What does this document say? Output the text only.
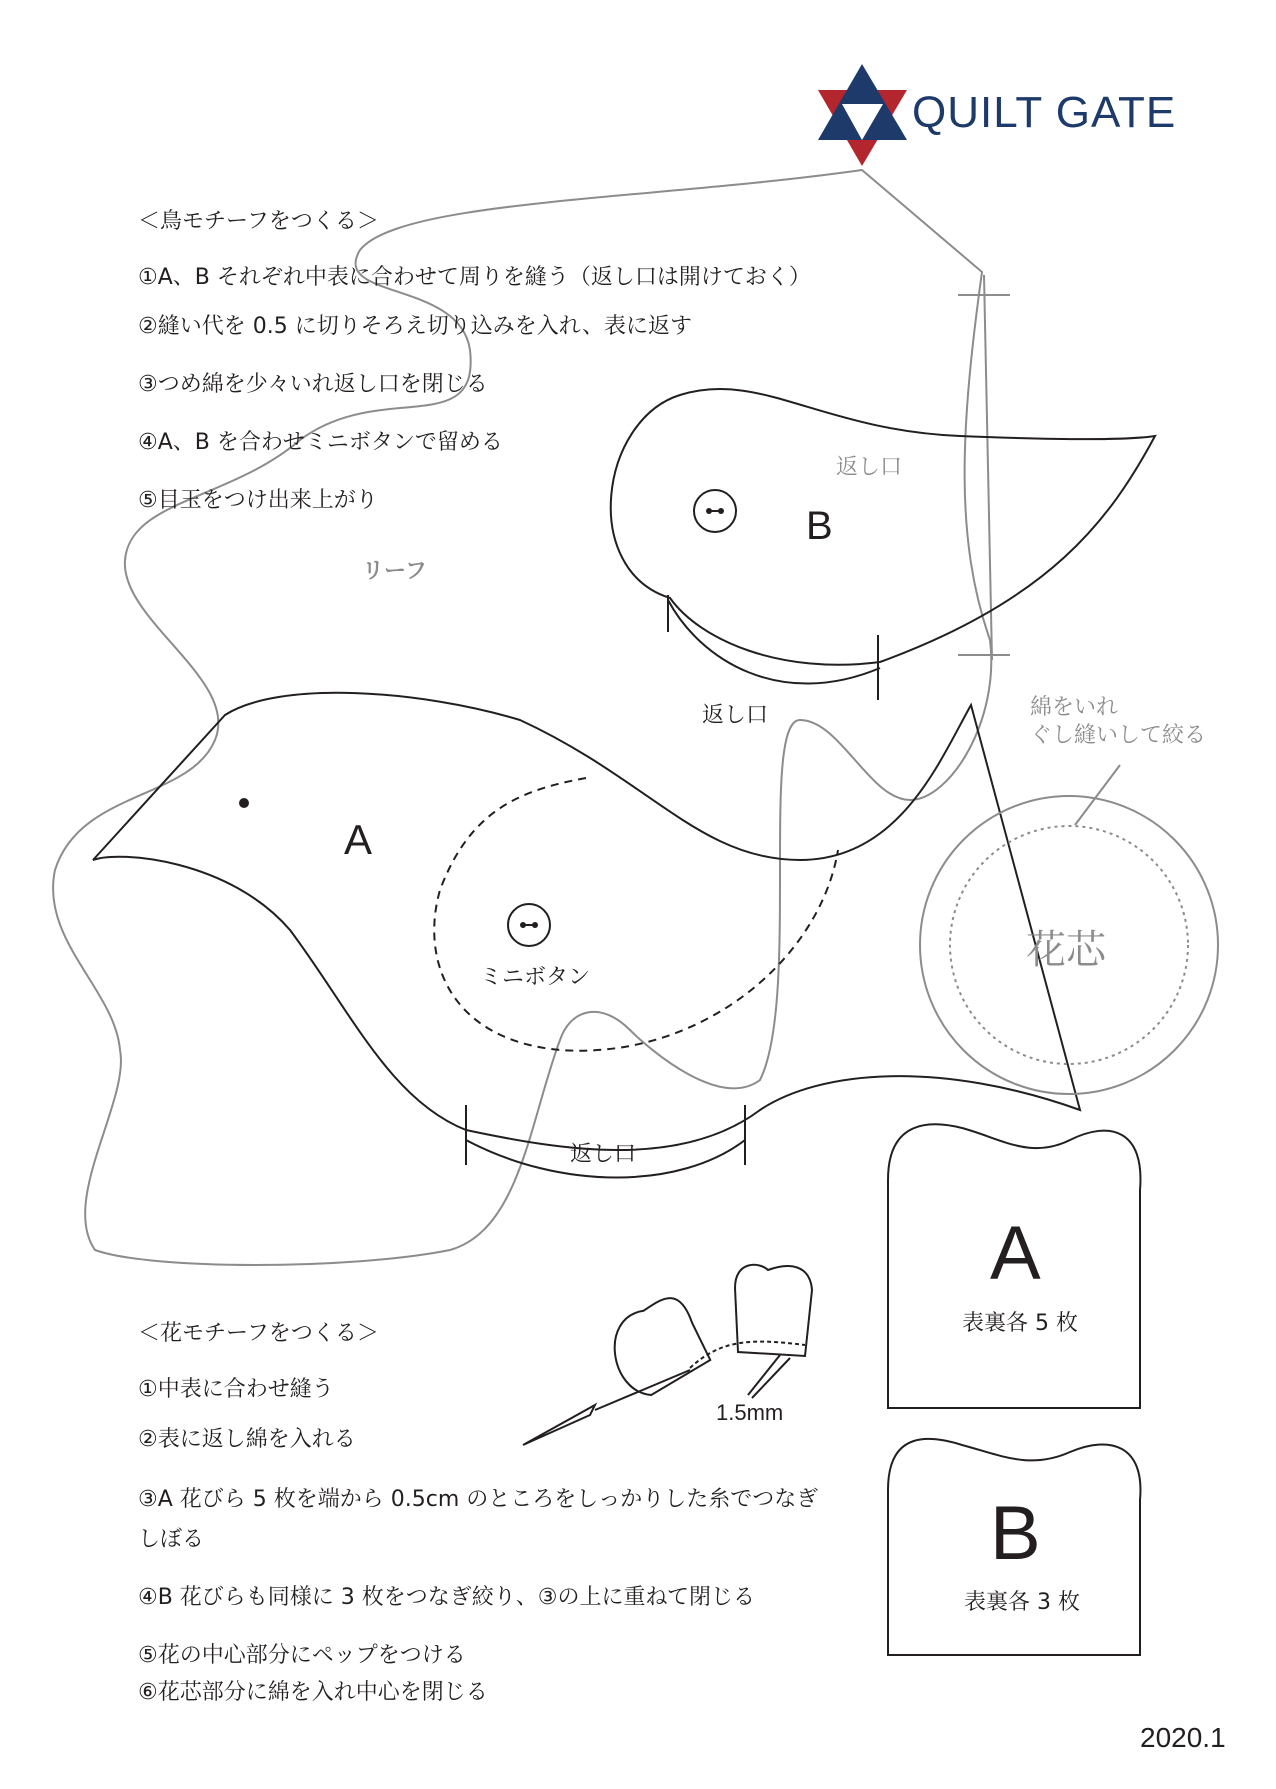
QUILT GATE
＜鳥モチーフをつくる＞
①A、B それぞれ中表に合わせて周りを縫う（返し口は開けておく）
②縫い代を 0.5 に切りそろえ切り込みを入れ、表に返す
③つめ綿を少々いれ返し口を閉じる
④A、B を合わせミニボタンで留める
⑤目玉をつけ出来上がり
リーフ
返し口
B
返し口
A
ミニボタン
返し口
綿をいれ
ぐし縫いして絞る
花芯
1.5mm
A
表裏各 5 枚
B
表裏各 3 枚
＜花モチーフをつくる＞
①中表に合わせ縫う
②表に返し綿を入れる
③A 花びら 5 枚を端から 0.5cm のところをしっかりした糸でつなぎ
しぼる
④B 花びらも同様に 3 枚をつなぎ絞り、③の上に重ねて閉じる
⑤花の中心部分にペップをつける
⑥花芯部分に綿を入れ中心を閉じる
2020.1
